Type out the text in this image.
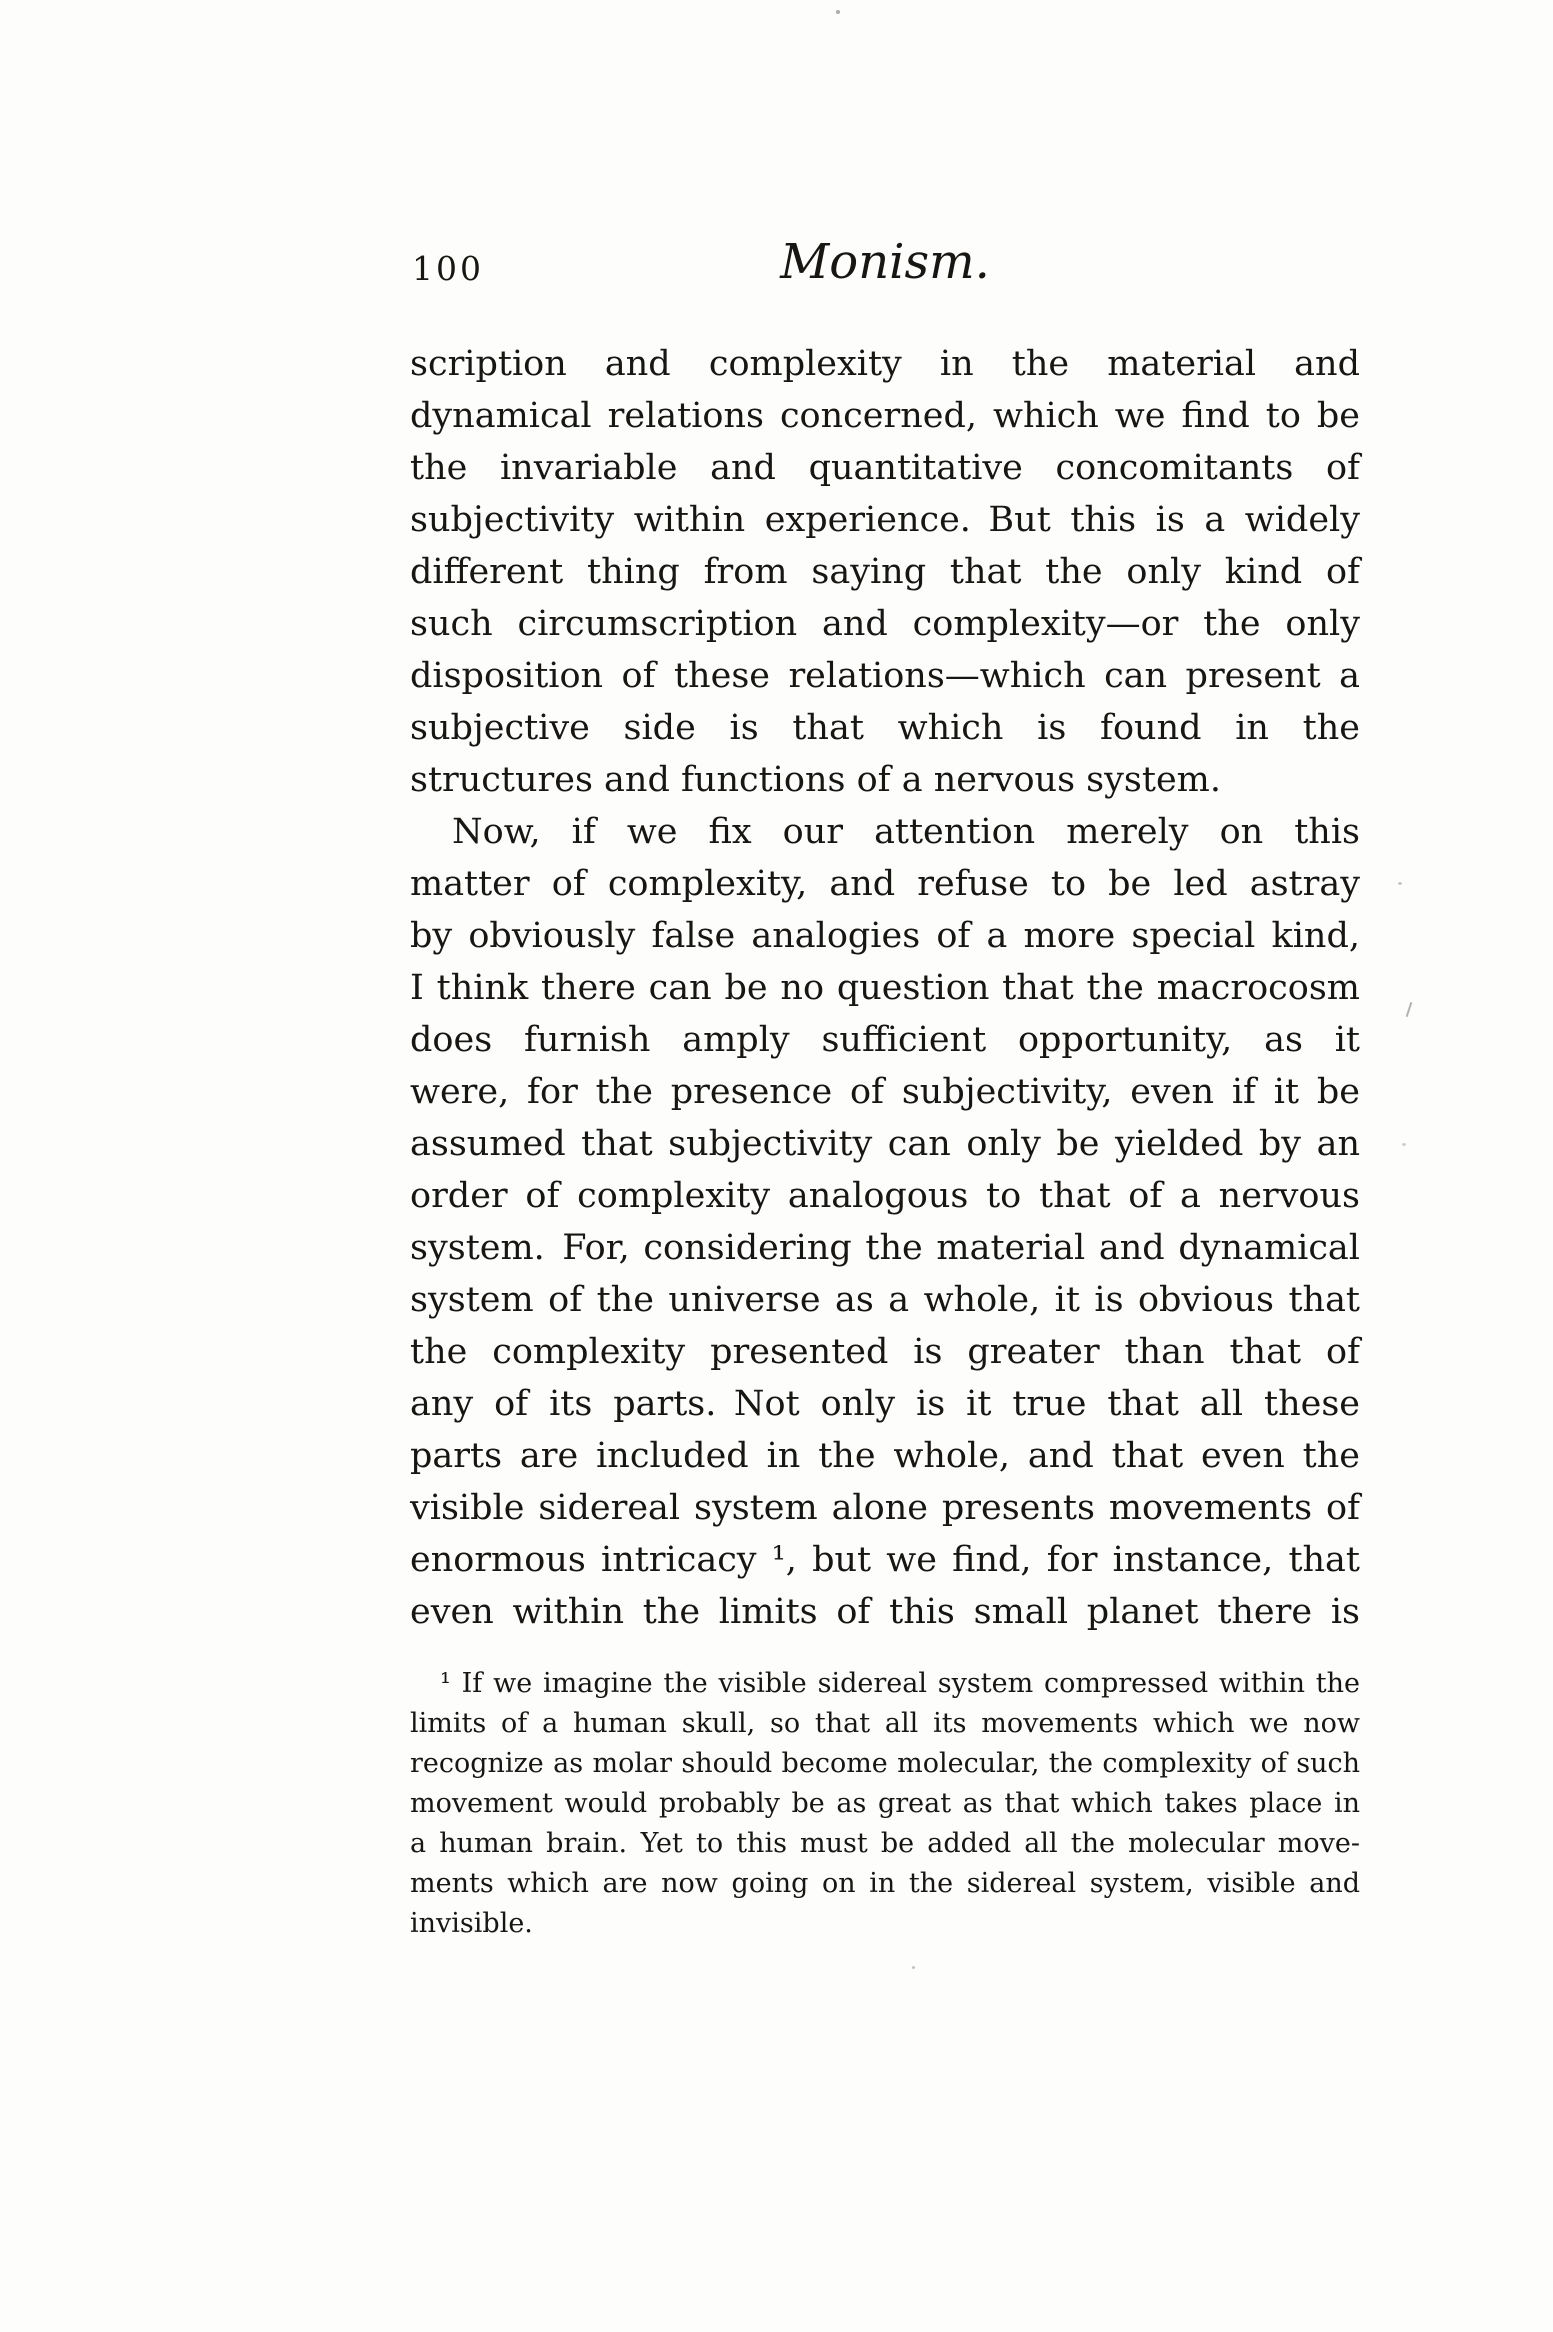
100	Monism.
scription and complexity in the material and
dynamical relations concerned, which we find to be
the invariable and quantitative concomitants of
subjectivity within experience. But this is a widely
different thing from saying that the only kind of
such circumscription and complexity—or the only
disposition of these relations—which can present a
subjective side is that which is found in the
structures and functions of a nervous system.
Now, if we fix our attention merely on this
matter of complexity, and refuse to be led astray
by obviously false analogies of a more special kind,
I think there can be no question that the macrocosm
does furnish amply sufficient opportunity, as it
were, for the presence of subjectivity, even if it be
assumed that subjectivity can only be yielded by an
order of complexity analogous to that of a nervous
system. For, considering the material and dynamical
system of the universe as a whole, it is obvious that
the complexity presented is greater than that of
any of its parts. Not only is it true that all these
parts are included in the whole, and that even the
visible sidereal system alone presents movements of
enormous intricacy ¹, but we find, for instance, that
even within the limits of this small planet there is
¹ If we imagine the visible sidereal system compressed within the
limits of a human skull, so that all its movements which we now
recognize as molar should become molecular, the complexity of such
movement would probably be as great as that which takes place in
a human brain. Yet to this must be added all the molecular move-
ments which are now going on in the sidereal system, visible and
invisible.
